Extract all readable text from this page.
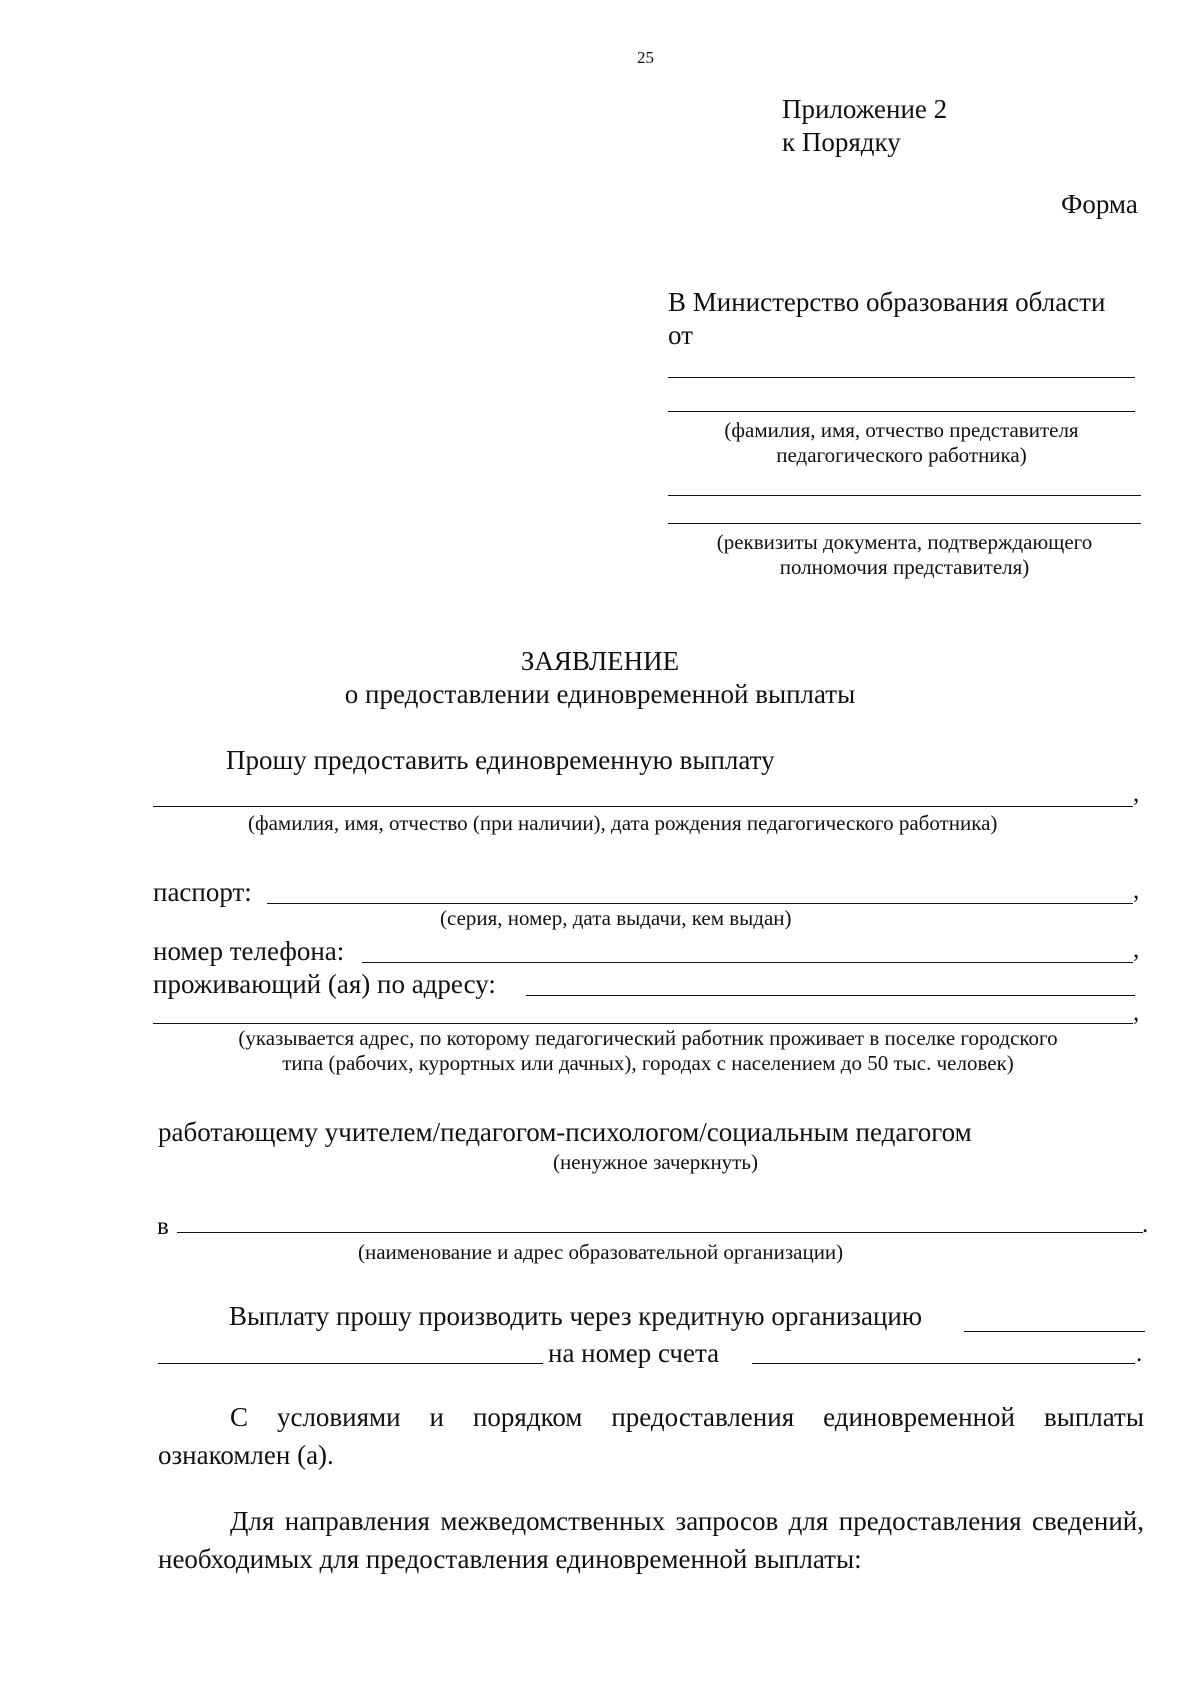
25
Приложение 2
к Порядку
Форма
В Министерство образования области
от
(фамилия, имя, отчество представителя
педагогического работника)
(реквизиты документа, подтверждающего
полномочия представителя)
ЗАЯВЛЕНИЕ
о предоставлении единовременной выплаты
Прошу предоставить единовременную выплату
,
(фамилия, имя, отчество (при наличии), дата рождения педагогического работника)
паспорт:	,
(серия, номер, дата выдачи, кем выдан)
номер телефона:	,
проживающий (ая) по адресу:
,
(указывается адрес, по которому педагогический работник проживает в поселке городского
типа (рабочих, курортных или дачных), городах с населением до 50 тыс. человек)
работающему учителем/педагогом-психологом/социальным педагогом
(ненужное зачеркнуть)
в	.
(наименование и адрес образовательной организации)
Выплату прошу производить через кредитную организацию
на номер счета	.
С условиями и порядком предоставления единовременной выплаты ознакомлен (а).
Для направления межведомственных запросов для предоставления сведений, необходимых для предоставления единовременной выплаты:
